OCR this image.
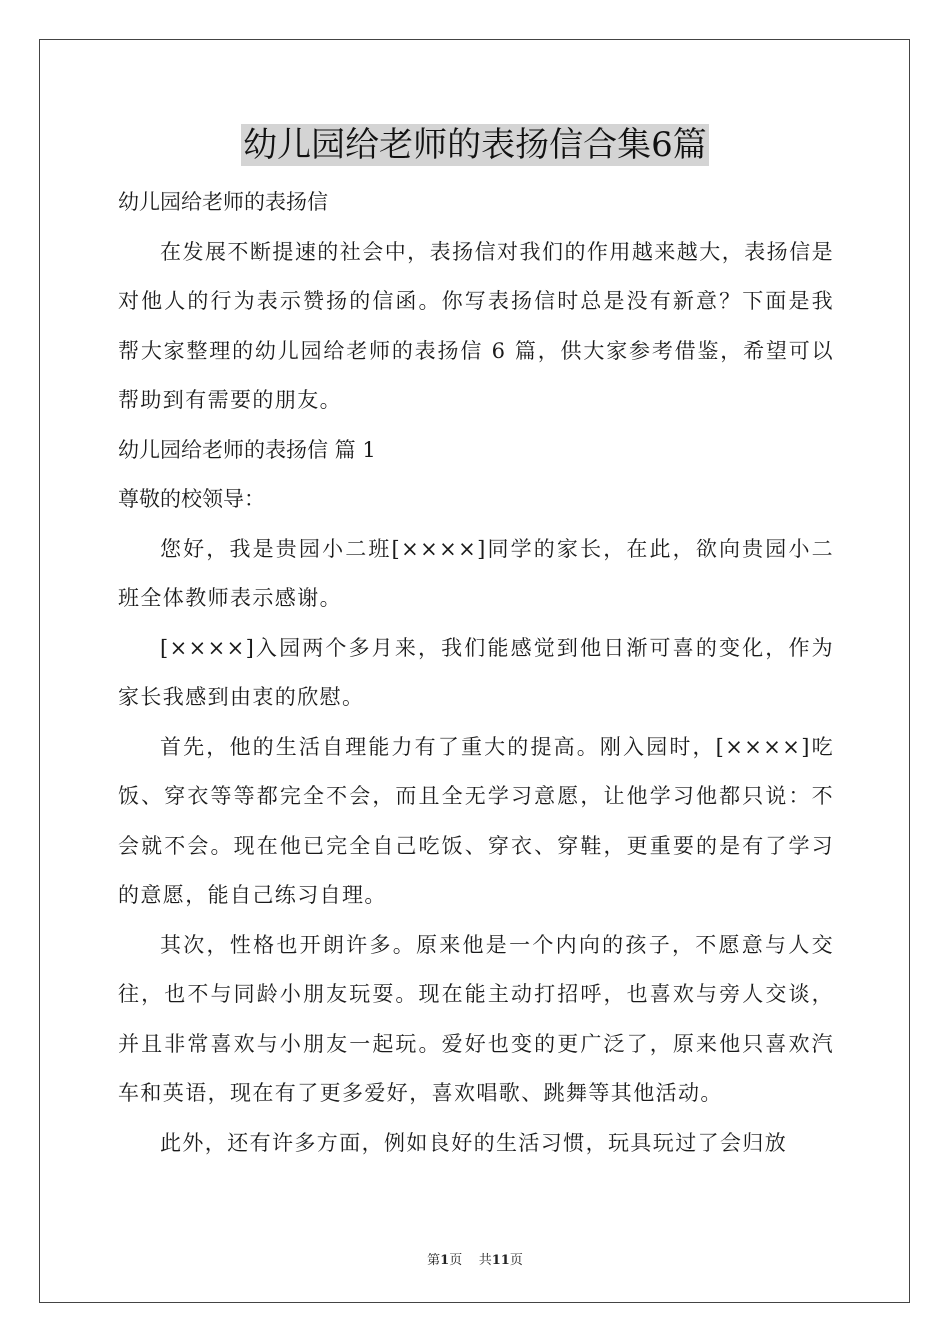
幼儿园给老师的表扬信合集6篇
幼儿园给老师的表扬信
在发展不断提速的社会中，表扬信对我们的作用越来越大，表扬信是对他人的行为表示赞扬的信函。你写表扬信时总是没有新意？下面是我帮大家整理的幼儿园给老师的表扬信 6 篇，供大家参考借鉴，希望可以帮助到有需要的朋友。
幼儿园给老师的表扬信 篇 1
尊敬的校领导：
您好，我是贵园小二班[××××]同学的家长，在此，欲向贵园小二班全体教师表示感谢。
[××××]入园两个多月来，我们能感觉到他日渐可喜的变化，作为家长我感到由衷的欣慰。
首先，他的生活自理能力有了重大的提高。刚入园时，[××××]吃饭、穿衣等等都完全不会，而且全无学习意愿，让他学习他都只说：不会就不会。现在他已完全自己吃饭、穿衣、穿鞋，更重要的是有了学习的意愿，能自己练习自理。
其次，性格也开朗许多。原来他是一个内向的孩子，不愿意与人交往，也不与同龄小朋友玩耍。现在能主动打招呼，也喜欢与旁人交谈，并且非常喜欢与小朋友一起玩。爱好也变的更广泛了，原来他只喜欢汽车和英语，现在有了更多爱好，喜欢唱歌、跳舞等其他活动。
此外，还有许多方面，例如良好的生活习惯，玩具玩过了会归放
第1页 共11页
